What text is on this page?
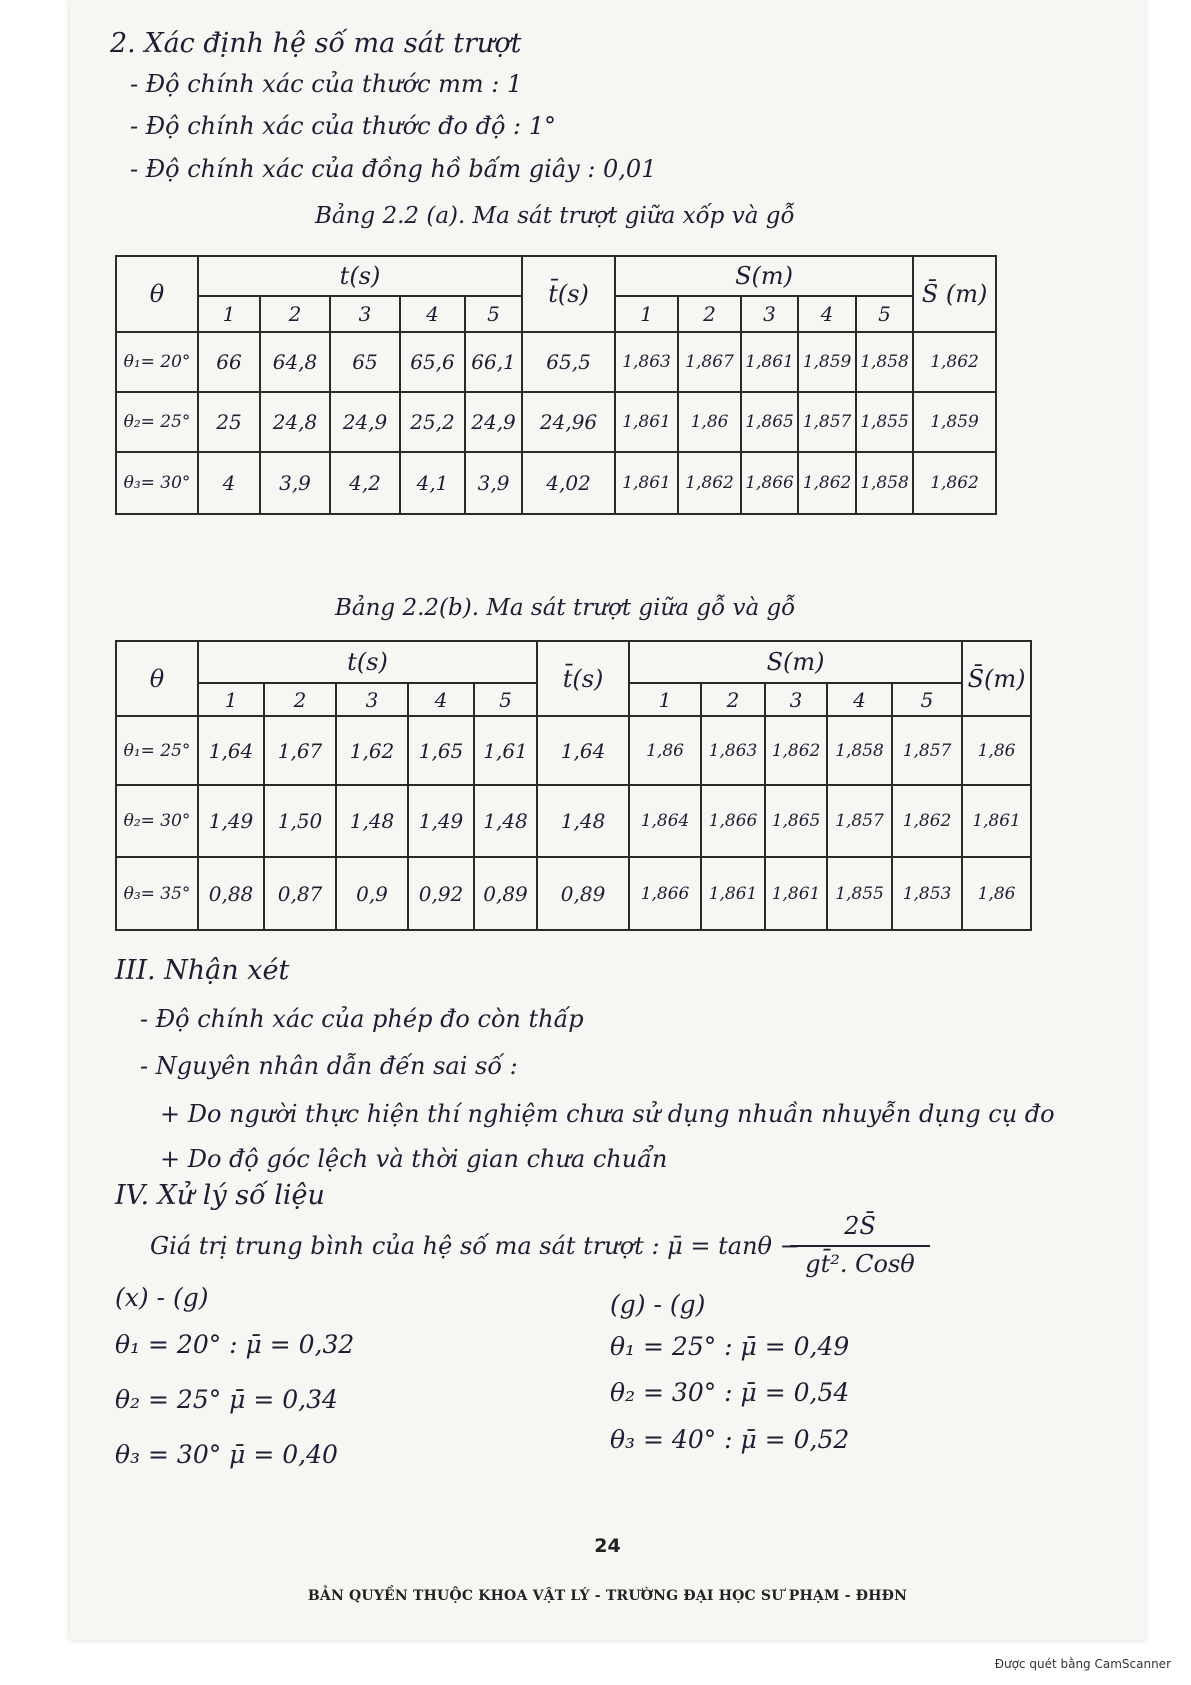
2. Xác định hệ số ma sát trượt
- Độ chính xác của thước mm : 1
- Độ chính xác của thước đo độ : 1°
- Độ chính xác của đồng hồ bấm giây : 0,01
Bảng 2.2 (a). Ma sát trượt giữa xốp và gỗ
θ	t(s)					t̄(s)	S(m)					S̄ (m)
	1	2	3	4	5		1	2	3	4	5	
θ₁= 20°	66	64,8	65	65,6	66,1	65,5	1,863	1,867	1,861	1,859	1,858	1,862
θ₂= 25°	25	24,8	24,9	25,2	24,9	24,96	1,861	1,86	1,865	1,857	1,855	1,859
θ₃= 30°	4	3,9	4,2	4,1	3,9	4,02	1,861	1,862	1,866	1,862	1,858	1,862
Bảng 2.2(b). Ma sát trượt giữa gỗ và gỗ
θ	t(s)					t̄(s)	S(m)					S̄(m)
	1	2	3	4	5		1	2	3	4	5	
θ₁= 25°	1,64	1,67	1,62	1,65	1,61	1,64	1,86	1,863	1,862	1,858	1,857	1,86
θ₂= 30°	1,49	1,50	1,48	1,49	1,48	1,48	1,864	1,866	1,865	1,857	1,862	1,861
θ₃= 35°	0,88	0,87	0,9	0,92	0,89	0,89	1,866	1,861	1,861	1,855	1,853	1,86
III. Nhận xét
- Độ chính xác của phép đo còn thấp
- Nguyên nhân dẫn đến sai số :
+ Do người thực hiện thí nghiệm chưa sử dụng nhuần nhuyễn dụng cụ đo
+ Do độ góc lệch và thời gian chưa chuẩn
IV. Xử lý số liệu
Giá trị trung bình của hệ số ma sát trượt : μ̄ = tanθ −
2S̄
gt̄². Cosθ
(x) - (g)
θ₁ = 20° : μ̄ = 0,32
θ₂ = 25° μ̄ = 0,34
θ₃ = 30° μ̄ = 0,40
(g) - (g)
θ₁ = 25° : μ̄ = 0,49
θ₂ = 30° : μ̄ = 0,54
θ₃ = 40° : μ̄ = 0,52
24
BẢN QUYỀN THUỘC KHOA VẬT LÝ - TRƯỜNG ĐẠI HỌC SƯ PHẠM - ĐHĐN
Được quét bằng CamScanner
